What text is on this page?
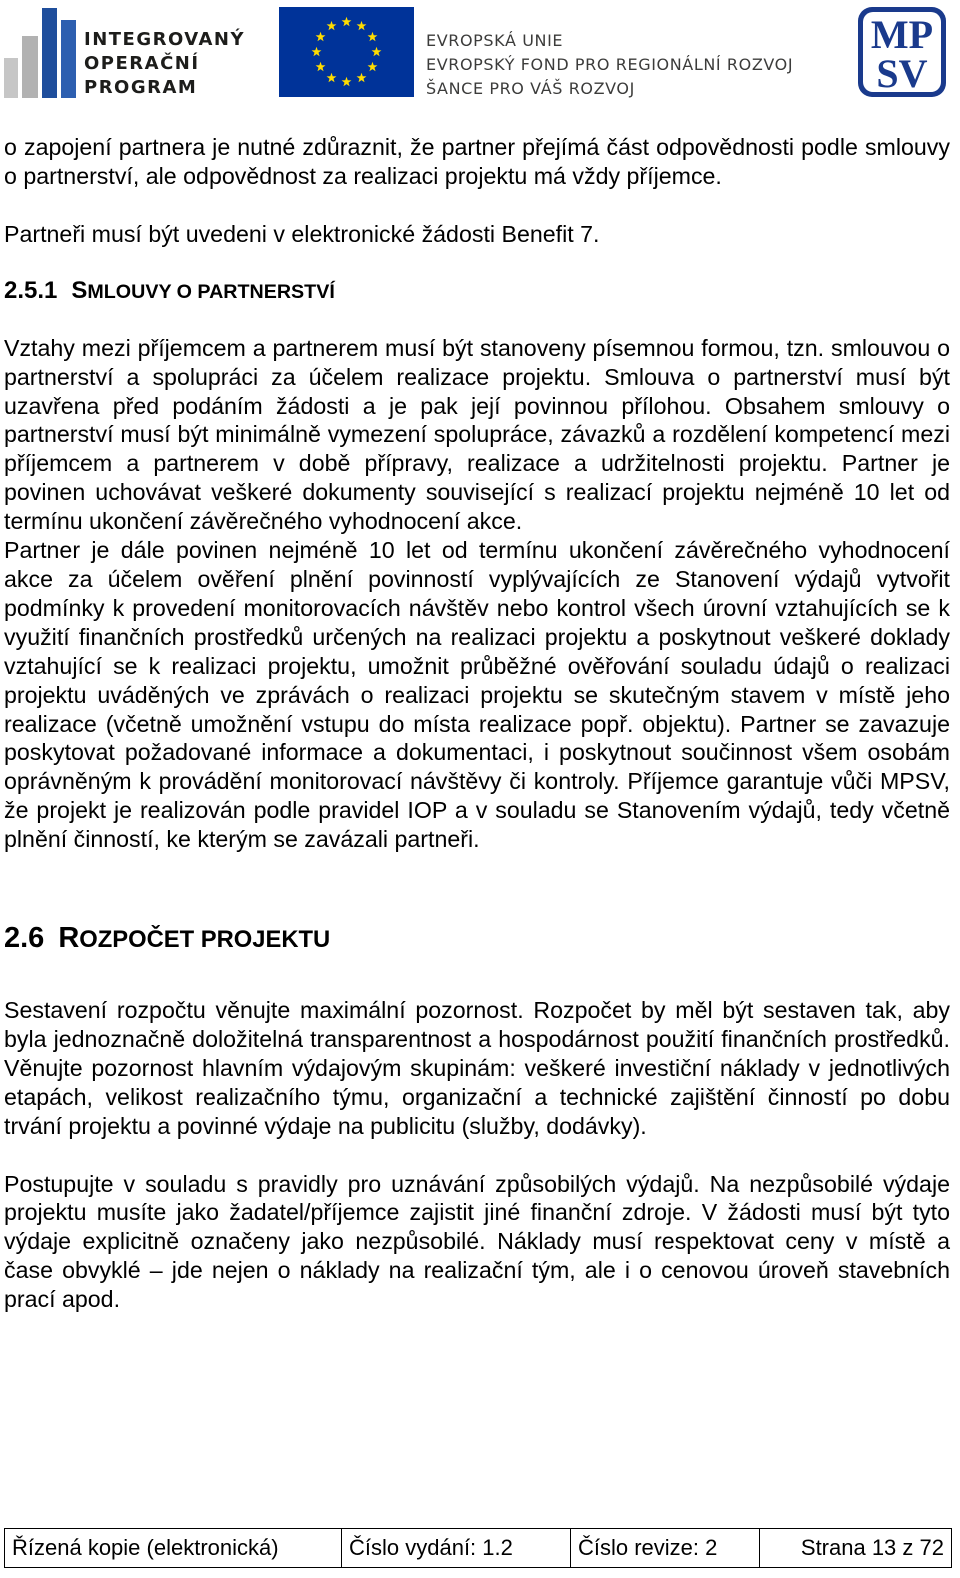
INTEGROVANÝ
OPERAČNÍ
PROGRAM
EVROPSKÁ UNIE
EVROPSKÝ FOND PRO REGIONÁLNÍ ROZVOJ
ŠANCE PRO VÁŠ ROZVOJ
MP
SV

o zapojení partnera je nutné zdůraznit, že partner přejímá část odpovědnosti podle smlouvy o partnerství, ale odpovědnost za realizaci projektu má vždy příjemce.

Partneři musí být uvedeni v elektronické žádosti Benefit 7.

2.5.1 SMLOUVY O PARTNERSTVÍ

Vztahy mezi příjemcem a partnerem musí být stanoveny písemnou formou, tzn. smlouvou o partnerství a spolupráci za účelem realizace projektu. Smlouva o partnerství musí být uzavřena před podáním žádosti a je pak její povinnou přílohou. Obsahem smlouvy o partnerství musí být minimálně vymezení spolupráce, závazků a rozdělení kompetencí mezi příjemcem a partnerem v době přípravy, realizace a udržitelnosti projektu. Partner je povinen uchovávat veškeré dokumenty související s realizací projektu nejméně 10 let od termínu ukončení závěrečného vyhodnocení akce.

Partner je dále povinen nejméně 10 let od termínu ukončení závěrečného vyhodnocení akce za účelem ověření plnění povinností vyplývajících ze Stanovení výdajů vytvořit podmínky k provedení monitorovacích návštěv nebo kontrol všech úrovní vztahujících se k využití finančních prostředků určených na realizaci projektu a poskytnout veškeré doklady vztahující se k realizaci projektu, umožnit průběžné ověřování souladu údajů o realizaci projektu uváděných ve zprávách o realizaci projektu se skutečným stavem v místě jeho realizace (včetně umožnění vstupu do místa realizace popř. objektu). Partner se zavazuje poskytovat požadované informace a dokumentaci, i poskytnout součinnost všem osobám oprávněným k provádění monitorovací návštěvy či kontroly. Příjemce garantuje vůči MPSV, že projekt je realizován podle pravidel IOP a v souladu se Stanovením výdajů, tedy včetně plnění činností, ke kterým se zavázali partneři.

2.6 ROZPOČET PROJEKTU

Sestavení rozpočtu věnujte maximální pozornost. Rozpočet by měl být sestaven tak, aby byla jednoznačně doložitelná transparentnost a hospodárnost použití finančních prostředků. Věnujte pozornost hlavním výdajovým skupinám: veškeré investiční náklady v jednotlivých etapách, velikost realizačního týmu, organizační a technické zajištění činností po dobu trvání projektu a povinné výdaje na publicitu (služby, dodávky).

Postupujte v souladu s pravidly pro uznávání způsobilých výdajů. Na nezpůsobilé výdaje projektu musíte jako žadatel/příjemce zajistit jiné finanční zdroje. V žádosti musí být tyto výdaje explicitně označeny jako nezpůsobilé. Náklady musí respektovat ceny v místě a čase obvyklé – jde nejen o náklady na realizační tým, ale i o cenovou úroveň stavebních prací apod.

Řízená kopie (elektronická)	Číslo vydání: 1.2	Číslo revize: 2	Strana 13 z 72
